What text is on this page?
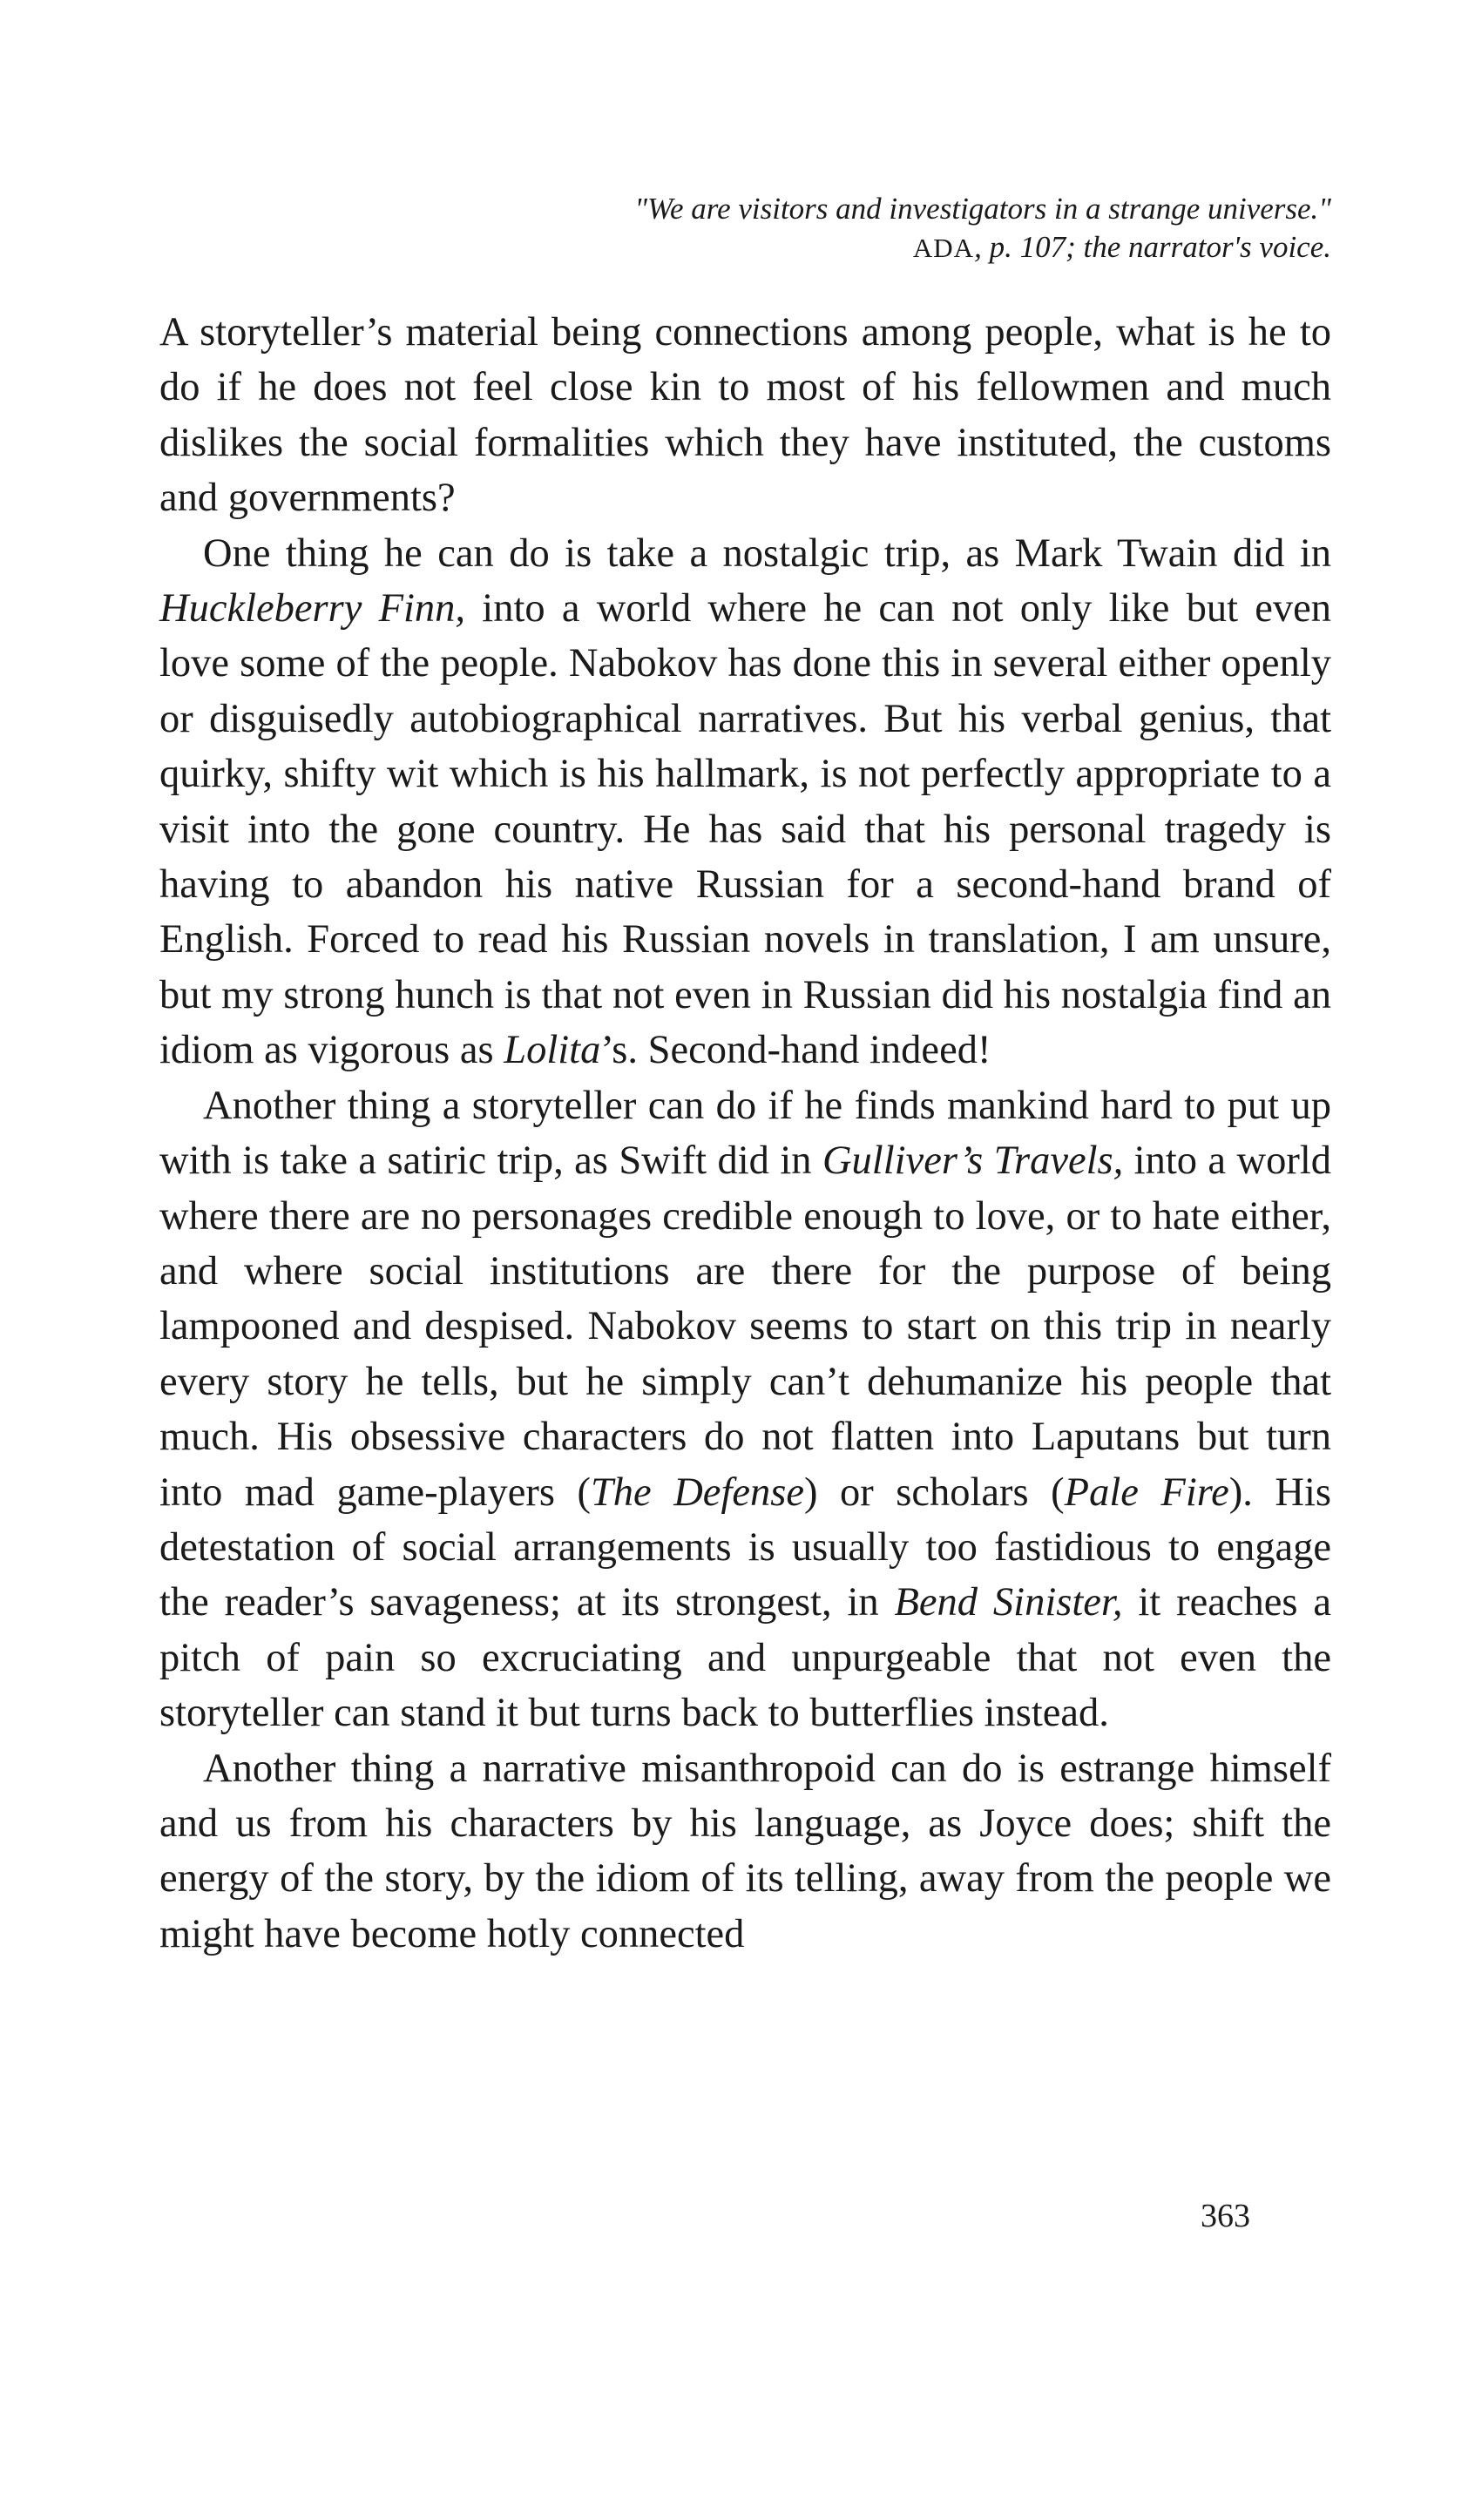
"We are visitors and investigators in a strange universe."
ADA, p. 107; the narrator's voice.

A storyteller’s material being connections among people, what is he to do if he does not feel close kin to most of his fellowmen and much dislikes the social formalities which they have instituted, the customs and governments?

One thing he can do is take a nostalgic trip, as Mark Twain did in Huckleberry Finn, into a world where he can not only like but even love some of the people. Nabokov has done this in several either openly or disguisedly autobiographical narratives. But his verbal genius, that quirky, shifty wit which is his hallmark, is not perfectly appropriate to a visit into the gone country. He has said that his personal tragedy is having to abandon his native Russian for a second-hand brand of English. Forced to read his Russian novels in translation, I am unsure, but my strong hunch is that not even in Russian did his nostalgia find an idiom as vigorous as Lolita’s. Second-hand indeed!

Another thing a storyteller can do if he finds mankind hard to put up with is take a satiric trip, as Swift did in Gulliver’s Travels, into a world where there are no personages credible enough to love, or to hate either, and where social institutions are there for the purpose of being lampooned and despised. Nabokov seems to start on this trip in nearly every story he tells, but he simply can’t dehumanize his people that much. His obsessive characters do not flatten into Laputans but turn into mad game-players (The Defense) or scholars (Pale Fire). His detestation of social arrangements is usually too fastidious to engage the reader’s savageness; at its strongest, in Bend Sinister, it reaches a pitch of pain so excruciating and unpurgeable that not even the storyteller can stand it but turns back to butterflies instead.

Another thing a narrative misanthropoid can do is estrange himself and us from his characters by his language, as Joyce does; shift the energy of the story, by the idiom of its telling, away from the people we might have become hotly connected

363
